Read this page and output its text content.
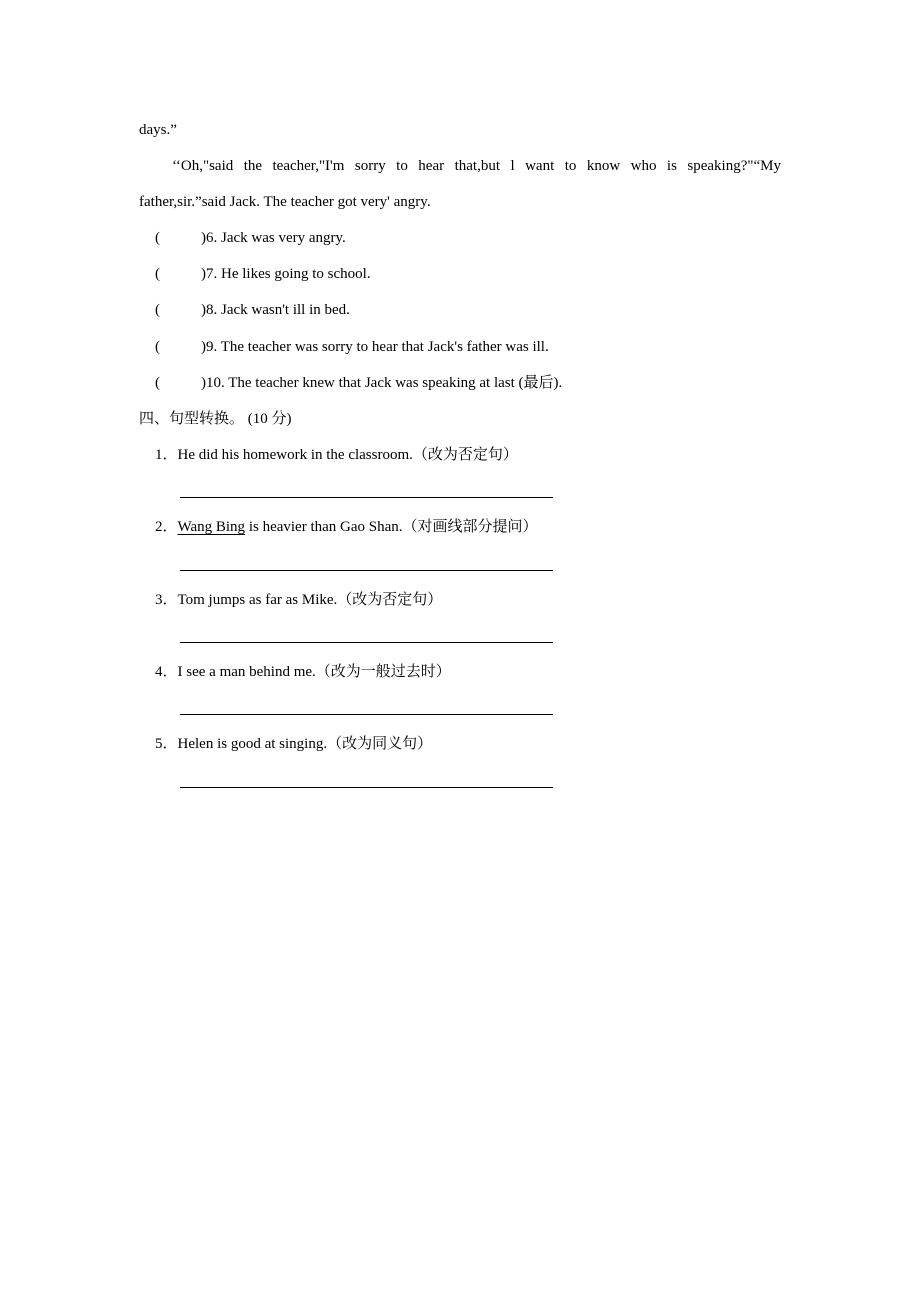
days.”
‘‘Oh,"said the teacher,"I'm sorry to hear that,but l want to know who is speaking?"“My
father,sir.”said Jack. The teacher got very' angry.
(	)6. Jack was very angry.
(	)7. He likes going to school.
(	)8. Jack wasn't ill in bed.
(	)9. The teacher was sorry to hear that Jack's father was ill.
(	)10. The teacher knew that Jack was speaking at last (最后).
四、句型转换。 (10 分)
1．He did his homework in the classroom.（改为否定句）
2．Wang Bing is heavier than Gao Shan.（对画线部分提问）
3．Tom jumps as far as Mike.（改为否定句）
4．I see a man behind me.（改为一般过去时）
5．Helen is good at singing.（改为同义句）
